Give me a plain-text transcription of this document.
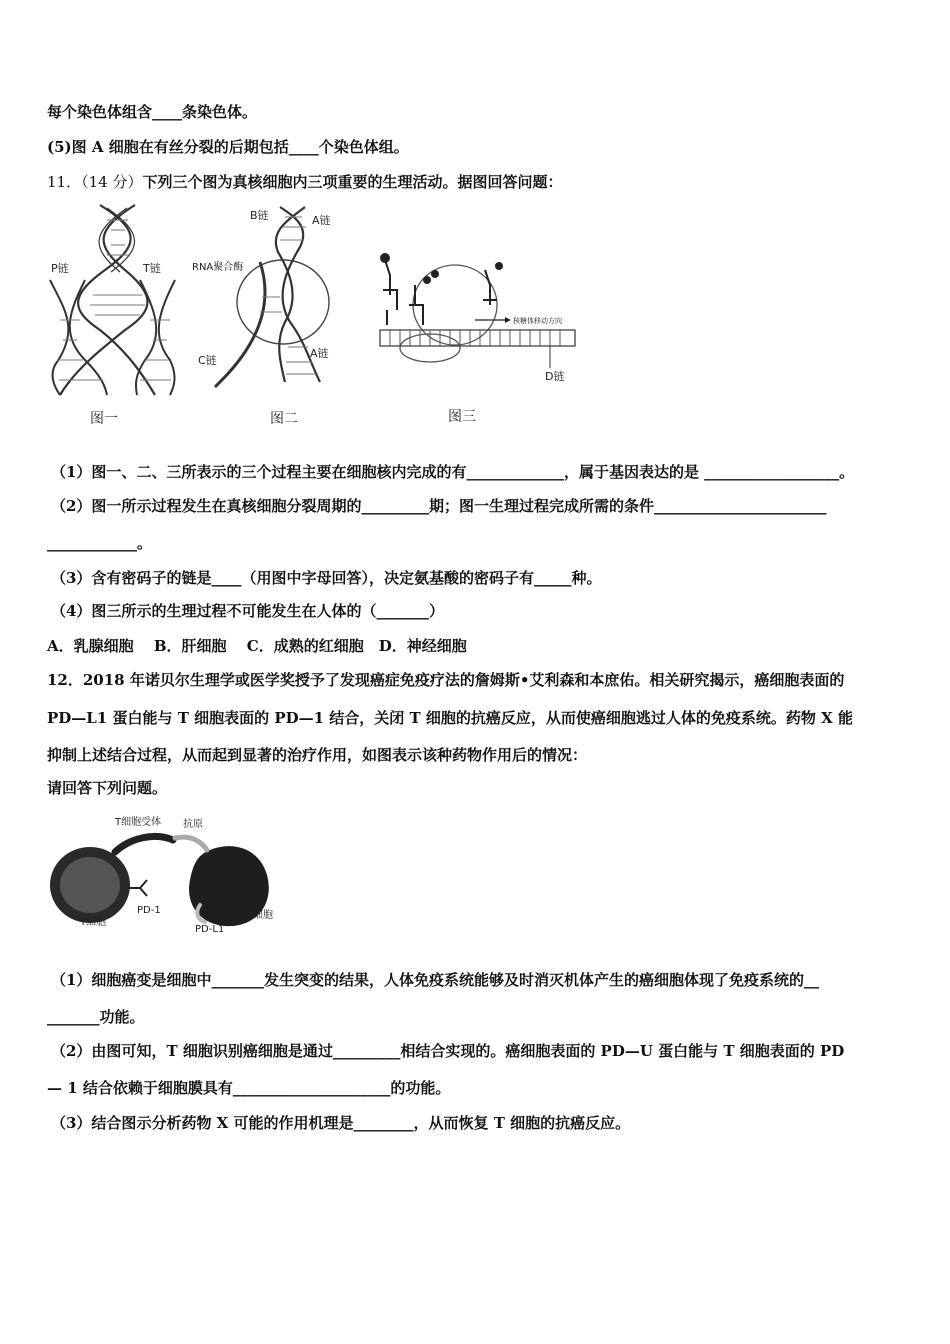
每个染色体组含____条染色体。
(5)图 A 细胞在有丝分裂的后期包括____个染色体组。
11．（14 分）下列三个图为真核细胞内三项重要的生理活动。据图回答问题：
P链	T链
图一
B链	A链
RNA聚合酶
C链
A链
图二
核糖体移动方向
D链
图三
（1）图一、二、三所表示的三个过程主要在细胞核内完成的有_____________，属于基因表达的是 __________________。
（2）图一所示过程发生在真核细胞分裂周期的_________期；图一生理过程完成所需的条件_______________________
____________。
（3）含有密码子的链是____（用图中字母回答），决定氨基酸的密码子有_____种。
（4）图三所示的生理过程不可能发生在人体的（_______）
A．乳腺细胞　 B．肝细胞　 C．成熟的红细胞　D．神经细胞
12．2018 年诺贝尔生理学或医学奖授予了发现癌症免疫疗法的詹姆斯•艾利森和本庶佑。相关研究揭示，癌细胞表面的
PD—L1 蛋白能与 T 细胞表面的 PD—1 结合，关闭 T 细胞的抗癌反应，从而使癌细胞逃过人体的免疫系统。药物 X 能
抑制上述结合过程，从而起到显著的治疗作用，如图表示该种药物作用后的情况：
请回答下列问题。
T细胞受体 抗原
PD-1
T细胞
PD-L1
癌细胞
（1）细胞癌变是细胞中_______发生突变的结果，人体免疫系统能够及时消灭机体产生的癌细胞体现了免疫系统的__
_______功能。
（2）由图可知，T 细胞识别癌细胞是通过_________相结合实现的。癌细胞表面的 PD—U 蛋白能与 T 细胞表面的 PD
— 1 结合依赖于细胞膜具有_____________________的功能。
（3）结合图示分析药物 X 可能的作用机理是________，从而恢复 T 细胞的抗癌反应。
